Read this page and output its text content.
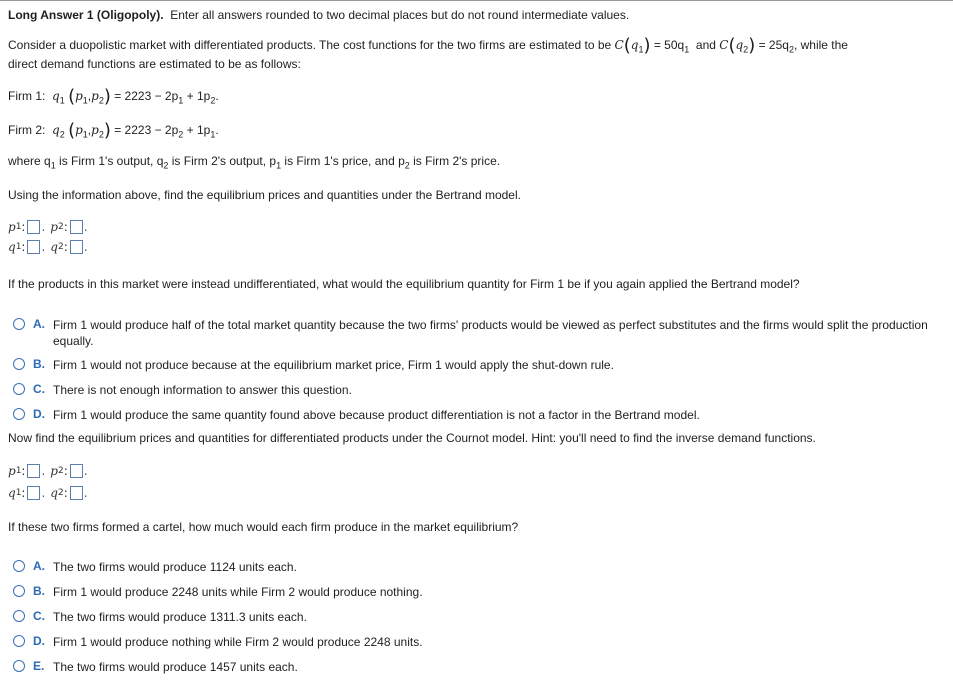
Long Answer 1 (Oligopoly). Enter all answers rounded to two decimal places but do not round intermediate values.
Consider a duopolistic market with differentiated products. The cost functions for the two firms are estimated to be $C(q_1) = 50q_1$ and $C(q_2) = 25q_2$, while the
direct demand functions are estimated to be as follows:
Firm 1: $q_1$ $(p_1,p_2) = 2223 - 2p_1 + 1p_2$.
Firm 2: $q_2$ $(p_1,p_2) = 2223 - 2p_2 + 1p_1$.
where $q_1$ is Firm 1's output, $q_2$ is Firm 2's output, $p_1$ is Firm 1's price, and $p_2$ is Firm 2's price.
Using the information above, find the equilibrium prices and quantities under the Bertrand model.
p 1 : . p 2 : .
q 1 : . q 2 : .
If the products in this market were instead undifferentiated, what would the equilibrium quantity for Firm 1 be if you again applied the Bertrand model?
A. Firm 1 would produce half of the total market quantity because the two firms' products would be viewed as perfect substitutes and the firms would split the production equally.
B. Firm 1 would not produce because at the equilibrium market price, Firm 1 would apply the shut-down rule.
C. There is not enough information to answer this question.
D. Firm 1 would produce the same quantity found above because product differentiation is not a factor in the Bertrand model.
Now find the equilibrium prices and quantities for differentiated products under the Cournot model. Hint: you'll need to find the inverse demand functions.
p 1 : . p 2 : .
q 1 : . q 2 : .
If these two firms formed a cartel, how much would each firm produce in the market equilibrium?
A. The two firms would produce 1124 units each.
B. Firm 1 would produce 2248 units while Firm 2 would produce nothing.
C. The two firms would produce 1311.3 units each.
D. Firm 1 would produce nothing while Firm 2 would produce 2248 units.
E. The two firms would produce 1457 units each.
